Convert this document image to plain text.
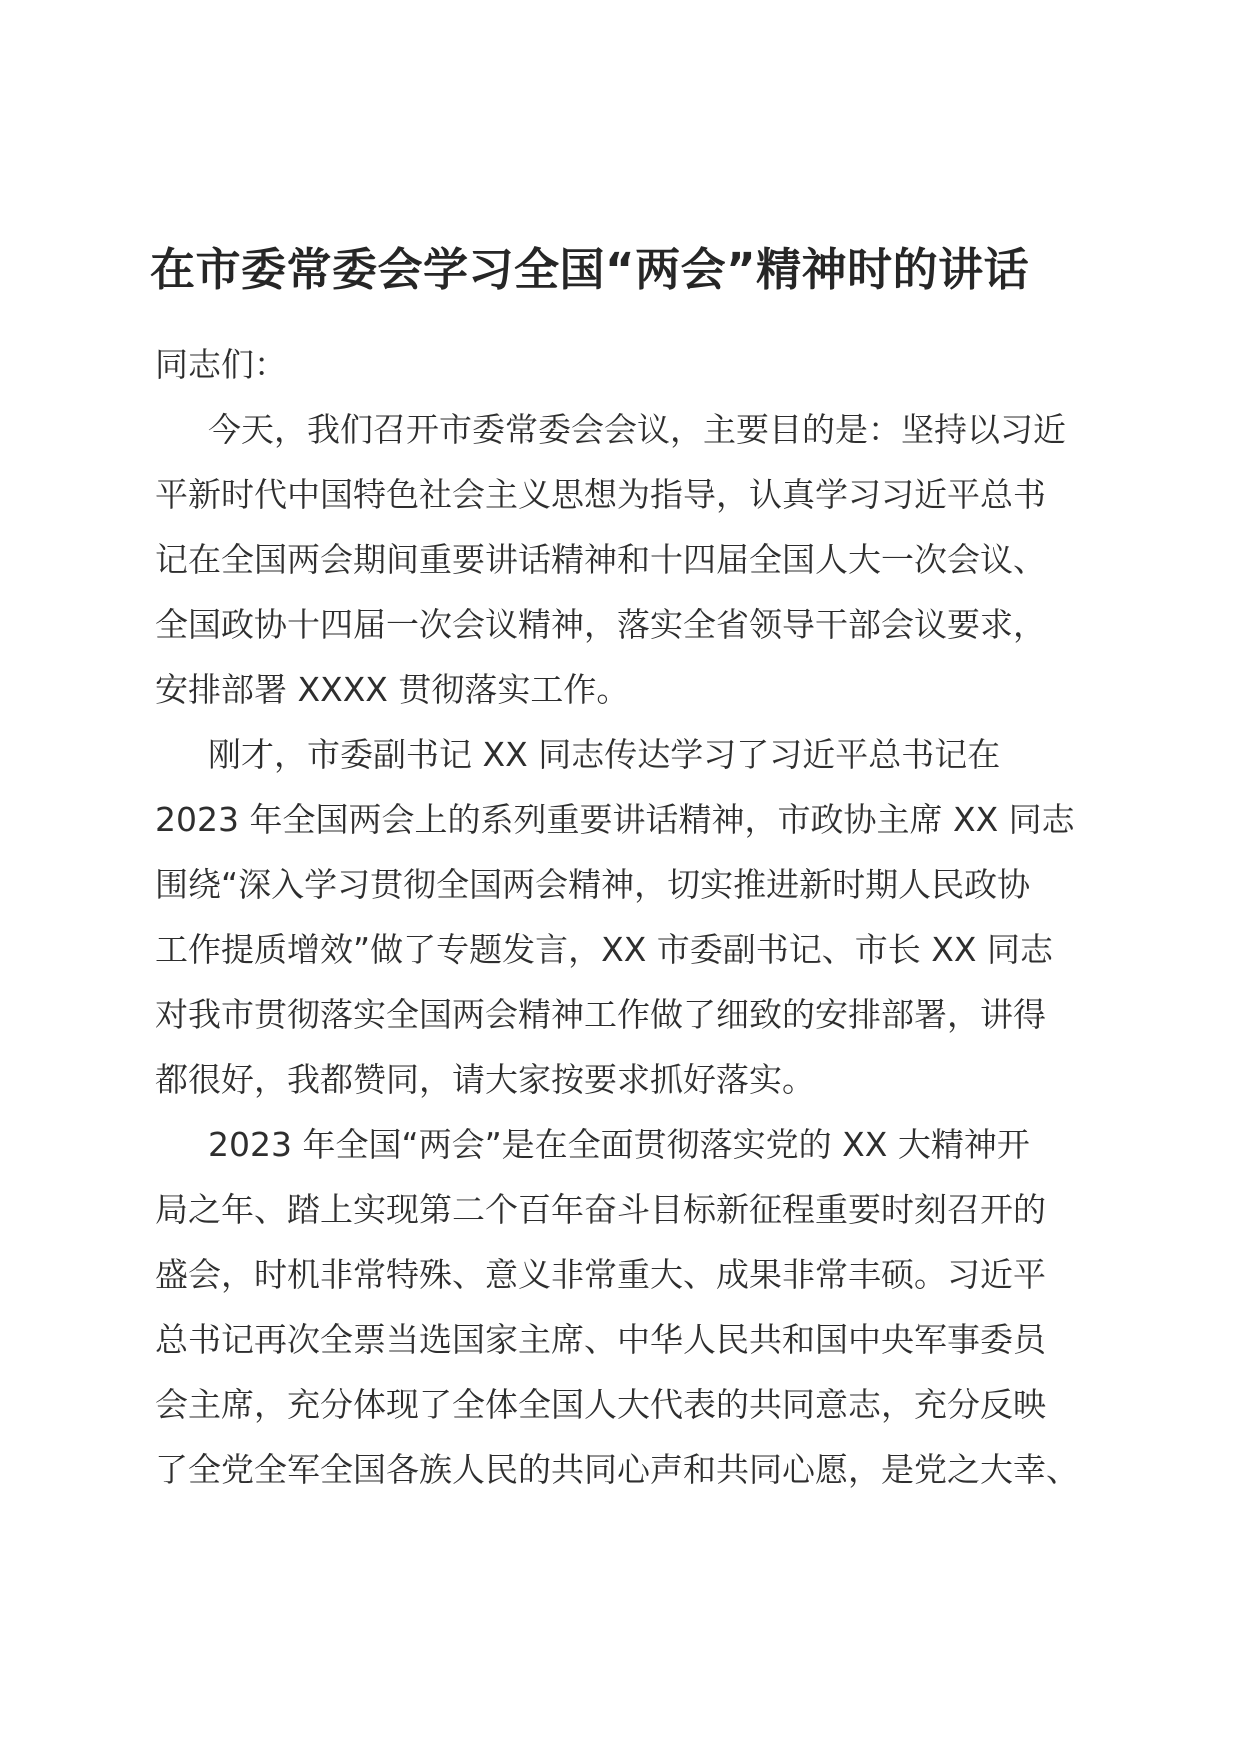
在市委常委会学习全国“两会”精神时的讲话
同志们：
今天，我们召开市委常委会会议，主要目的是：坚持以习近
平新时代中国特色社会主义思想为指导，认真学习习近平总书
记在全国两会期间重要讲话精神和十四届全国人大一次会议、
全国政协十四届一次会议精神，落实全省领导干部会议要求，
安排部署 XXXX 贯彻落实工作。
刚才，市委副书记 XX 同志传达学习了习近平总书记在
2023 年全国两会上的系列重要讲话精神，市政协主席 XX 同志
围绕“深入学习贯彻全国两会精神，切实推进新时期人民政协
工作提质增效”做了专题发言，XX 市委副书记、市长 XX 同志
对我市贯彻落实全国两会精神工作做了细致的安排部署，讲得
都很好，我都赞同，请大家按要求抓好落实。
2023 年全国“两会”是在全面贯彻落实党的 XX 大精神开
局之年、踏上实现第二个百年奋斗目标新征程重要时刻召开的
盛会，时机非常特殊、意义非常重大、成果非常丰硕。习近平
总书记再次全票当选国家主席、中华人民共和国中央军事委员
会主席，充分体现了全体全国人大代表的共同意志，充分反映
了全党全军全国各族人民的共同心声和共同心愿，是党之大幸、
